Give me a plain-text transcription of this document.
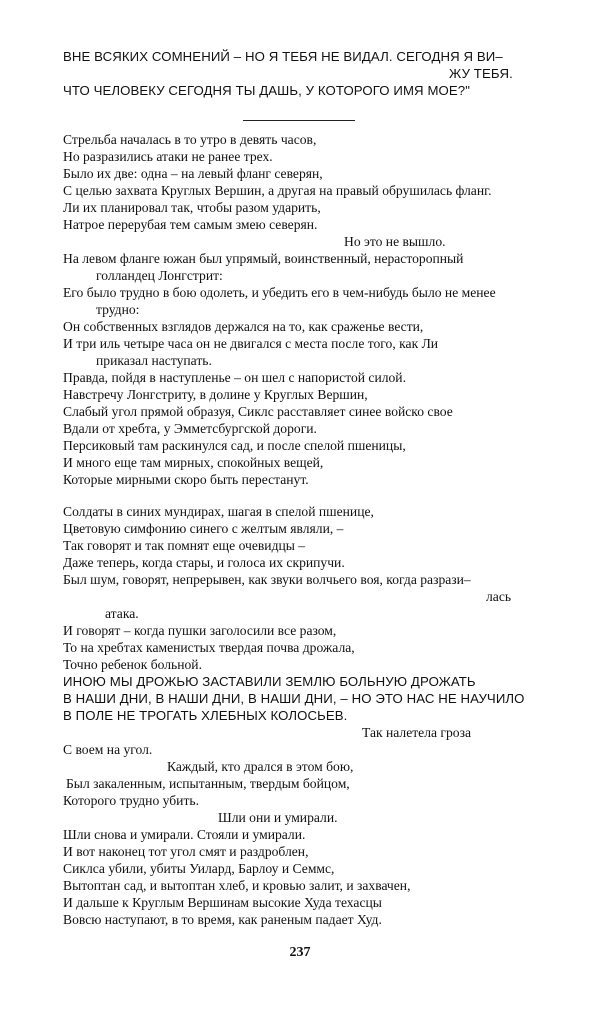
ВНЕ ВСЯКИХ СОМНЕНИЙ – НО Я ТЕБЯ НЕ ВИДАЛ. СЕГОДНЯ Я ВИ–
ЖУ ТЕБЯ.
ЧТО ЧЕЛОВЕКУ СЕГОДНЯ ТЫ ДАШЬ, У КОТОРОГО ИМЯ МОЕ?"
Стрельба началась в то утро в девять часов,
Но разразились атаки не ранее трех.
Было их две: одна – на левый фланг северян,
С целью захвата Круглых Вершин, а другая на правый обрушилась фланг.
Ли их планировал так, чтобы разом ударить,
Натрое перерубая тем самым змею северян.
Но это не вышло.
На левом фланге южан был упрямый, воинственный, нерасторопный
голландец Лонгстрит:
Его было трудно в бою одолеть, и убедить его в чем-нибудь было не менее
трудно:
Он собственных взглядов держался на то, как сраженье вести,
И три иль четыре часа он не двигался с места после того, как Ли
приказал наступать.
Правда, пойдя в наступленье – он шел с напористой силой.
Навстречу Лонгстриту, в долине у Круглых Вершин,
Слабый угол прямой образуя, Сиклс расставляет синее войско свое
Вдали от хребта, у Эмметсбургской дороги.
Персиковый там раскинулся сад, и после спелой пшеницы,
И много еще там мирных, спокойных вещей,
Которые мирными скоро быть перестанут.
Солдаты в синих мундирах, шагая в спелой пшенице,
Цветовую симфонию синего с желтым являли, –
Так говорят и так помнят еще очевидцы –
Даже теперь, когда стары, и голоса их скрипучи.
Был шум, говорят, непрерывен, как звуки волчьего воя, когда разрази–
лась
атака.
И говорят – когда пушки заголосили все разом,
То на хребтах каменистых твердая почва дрожала,
Точно ребенок больной.
ИНОЮ МЫ ДРОЖЬЮ ЗАСТАВИЛИ ЗЕМЛЮ БОЛЬНУЮ ДРОЖАТЬ
В НАШИ ДНИ, В НАШИ ДНИ, В НАШИ ДНИ, – НО ЭТО НАС НЕ НАУЧИЛО
В ПОЛЕ НЕ ТРОГАТЬ ХЛЕБНЫХ КОЛОСЬЕВ.
Так налетела гроза
С воем на угол.
Каждый, кто дрался в этом бою,
Был закаленным, испытанным, твердым бойцом,
Которого трудно убить.
Шли они и умирали.
Шли снова и умирали. Стояли и умирали.
И вот наконец тот угол смят и раздроблен,
Сиклса убили, убиты Уилард, Барлоу и Семмс,
Вытоптан сад, и вытоптан хлеб, и кровью залит, и захвачен,
И дальше к Круглым Вершинам высокие Худа техасцы
Вовсю наступают, в то время, как раненым падает Худ.
237
